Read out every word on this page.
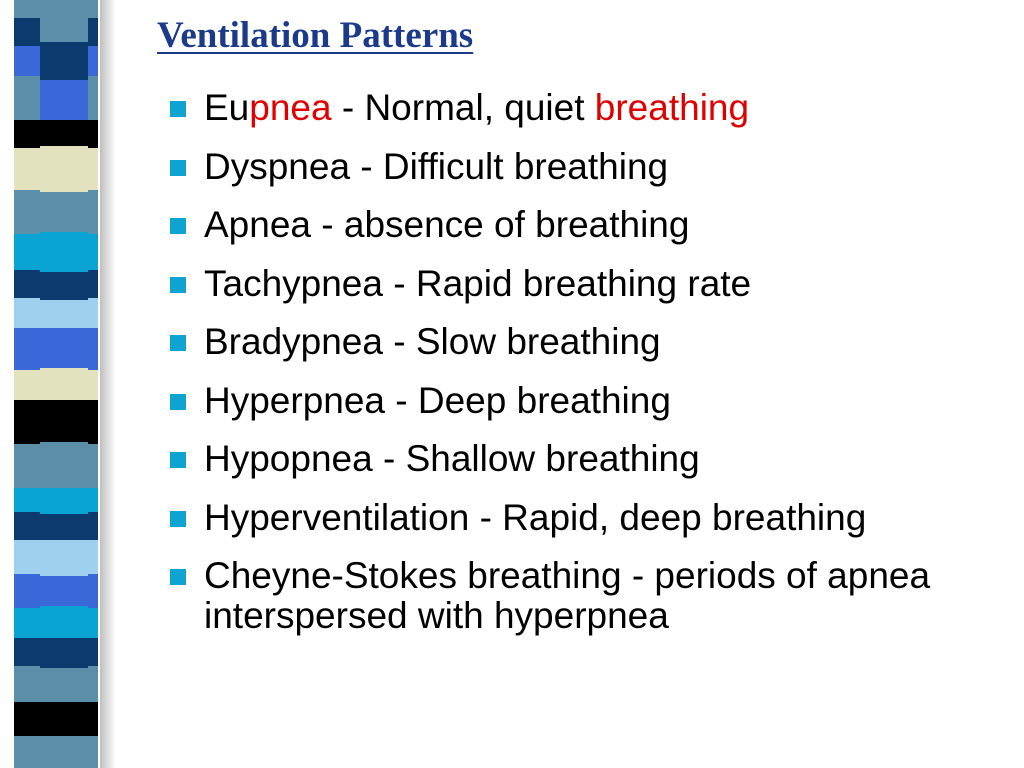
Ventilation Patterns
Eupnea - Normal, quiet breathing
Dyspnea - Difficult breathing
Apnea - absence of breathing
Tachypnea - Rapid breathing rate
Bradypnea - Slow breathing
Hyperpnea - Deep breathing
Hypopnea - Shallow breathing
Hyperventilation - Rapid, deep breathing
Cheyne-Stokes breathing - periods of apnea interspersed with hyperpnea
